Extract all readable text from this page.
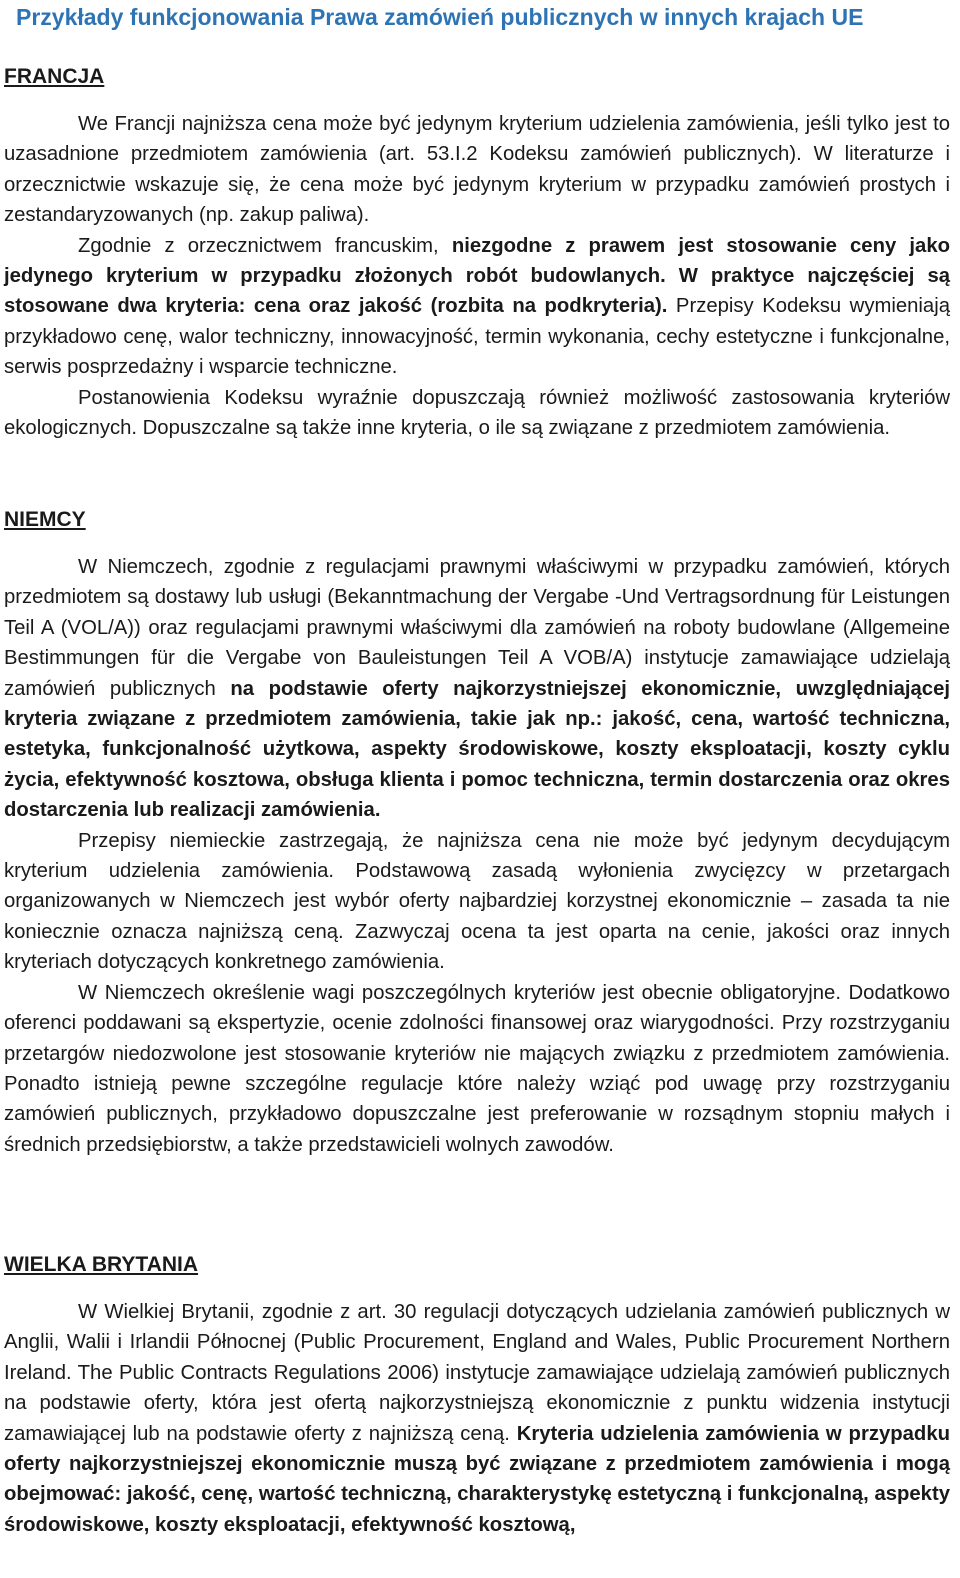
Przykłady funkcjonowania Prawa zamówień publicznych w innych krajach UE
FRANCJA

We Francji najniższa cena może być jedynym kryterium udzielenia zamówienia, jeśli tylko jest to uzasadnione przedmiotem zamówienia (art. 53.I.2 Kodeksu zamówień publicznych). W literaturze i orzecznictwie wskazuje się, że cena może być jedynym kryterium w przypadku zamówień prostych i zestandaryzowanych (np. zakup paliwa).

Zgodnie z orzecznictwem francuskim, niezgodne z prawem jest stosowanie ceny jako jedynego kryterium w przypadku złożonych robót budowlanych. W praktyce najczęściej są stosowane dwa kryteria: cena oraz jakość (rozbita na podkryteria). Przepisy Kodeksu wymieniają przykładowo cenę, walor techniczny, innowacyjność, termin wykonania, cechy estetyczne i funkcjonalne, serwis posprzedażny i wsparcie techniczne.

Postanowienia Kodeksu wyraźnie dopuszczają również możliwość zastosowania kryteriów ekologicznych. Dopuszczalne są także inne kryteria, o ile są związane z przedmiotem zamówienia.

NIEMCY

W Niemczech, zgodnie z regulacjami prawnymi właściwymi w przypadku zamówień, których przedmiotem są dostawy lub usługi (Bekanntmachung der Vergabe -Und Vertragsordnung für Leistungen Teil A (VOL/A)) oraz regulacjami prawnymi właściwymi dla zamówień na roboty budowlane (Allgemeine Bestimmungen für die Vergabe von Bauleistungen Teil A VOB/A) instytucje zamawiające udzielają zamówień publicznych na podstawie oferty najkorzystniejszej ekonomicznie, uwzględniającej kryteria związane z przedmiotem zamówienia, takie jak np.: jakość, cena, wartość techniczna, estetyka, funkcjonalność użytkowa, aspekty środowiskowe, koszty eksploatacji, koszty cyklu życia, efektywność kosztowa, obsługa klienta i pomoc techniczna, termin dostarczenia oraz okres dostarczenia lub realizacji zamówienia.

Przepisy niemieckie zastrzegają, że najniższa cena nie może być jedynym decydującym kryterium udzielenia zamówienia. Podstawową zasadą wyłonienia zwycięzcy w przetargach organizowanych w Niemczech jest wybór oferty najbardziej korzystnej ekonomicznie – zasada ta nie koniecznie oznacza najniższą ceną. Zazwyczaj ocena ta jest oparta na cenie, jakości oraz innych kryteriach dotyczących konkretnego zamówienia.

W Niemczech określenie wagi poszczególnych kryteriów jest obecnie obligatoryjne. Dodatkowo oferenci poddawani są ekspertyzie, ocenie zdolności finansowej oraz wiarygodności. Przy rozstrzyganiu przetargów niedozwolone jest stosowanie kryteriów nie mających związku z przedmiotem zamówienia. Ponadto istnieją pewne szczególne regulacje które należy wziąć pod uwagę przy rozstrzyganiu zamówień publicznych, przykładowo dopuszczalne jest preferowanie w rozsądnym stopniu małych i średnich przedsiębiorstw, a także przedstawicieli wolnych zawodów.

WIELKA BRYTANIA

W Wielkiej Brytanii, zgodnie z art. 30 regulacji dotyczących udzielania zamówień publicznych w Anglii, Walii i Irlandii Północnej (Public Procurement, England and Wales, Public Procurement Northern Ireland. The Public Contracts Regulations 2006) instytucje zamawiające udzielają zamówień publicznych na podstawie oferty, która jest ofertą najkorzystniejszą ekonomicznie z punktu widzenia instytucji zamawiającej lub na podstawie oferty z najniższą ceną. Kryteria udzielenia zamówienia w przypadku oferty najkorzystniejszej ekonomicznie muszą być związane z przedmiotem zamówienia i mogą obejmować: jakość, cenę, wartość techniczną, charakterystykę estetyczną i funkcjonalną, aspekty środowiskowe, koszty eksploatacji, efektywność kosztową,
